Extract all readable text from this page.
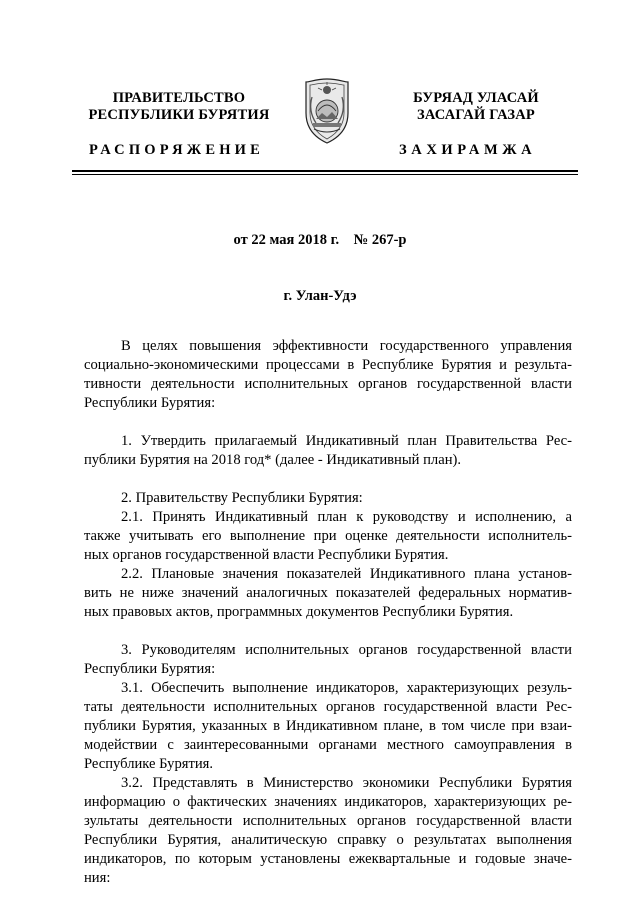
ПРАВИТЕЛЬСТВО
РЕСПУБЛИКИ БУРЯТИЯ
БУРЯАД УЛАСАЙ
ЗАСАГАЙ ГАЗАР
РАСПОРЯЖЕНИЕ	ЗАХИРАМЖА
от 22 мая 2018 г.    № 267-р
г. Улан-Удэ
В целях повышения эффективности государственного управления
социально-экономическими процессами в Республике Бурятия и результа-
тивности деятельности исполнительных органов государственной власти
Республики Бурятия:
1. Утвердить прилагаемый Индикативный план Правительства Рес-
публики Бурятия на 2018 год* (далее - Индикативный план).
2. Правительству Республики Бурятия:
2.1. Принять Индикативный план к руководству и исполнению, а
также учитывать его выполнение при оценке деятельности исполнитель-
ных органов государственной власти Республики Бурятия.
2.2. Плановые значения показателей Индикативного плана установ-
вить не ниже значений аналогичных показателей федеральных норматив-
ных правовых актов, программных документов Республики Бурятия.
3. Руководителям исполнительных органов государственной власти
Республики Бурятия:
3.1. Обеспечить выполнение индикаторов, характеризующих резуль-
таты деятельности исполнительных органов государственной власти Рес-
публики Бурятия, указанных в Индикативном плане, в том числе при взаи-
модействии с заинтересованными органами местного самоуправления в
Республике Бурятия.
3.2. Представлять в Министерство экономики Республики Бурятия
информацию о фактических значениях индикаторов, характеризующих ре-
зультаты деятельности исполнительных органов государственной власти
Республики Бурятия, аналитическую справку о результатах выполнения
индикаторов, по которым установлены ежеквартальные и годовые значе-
ния:
